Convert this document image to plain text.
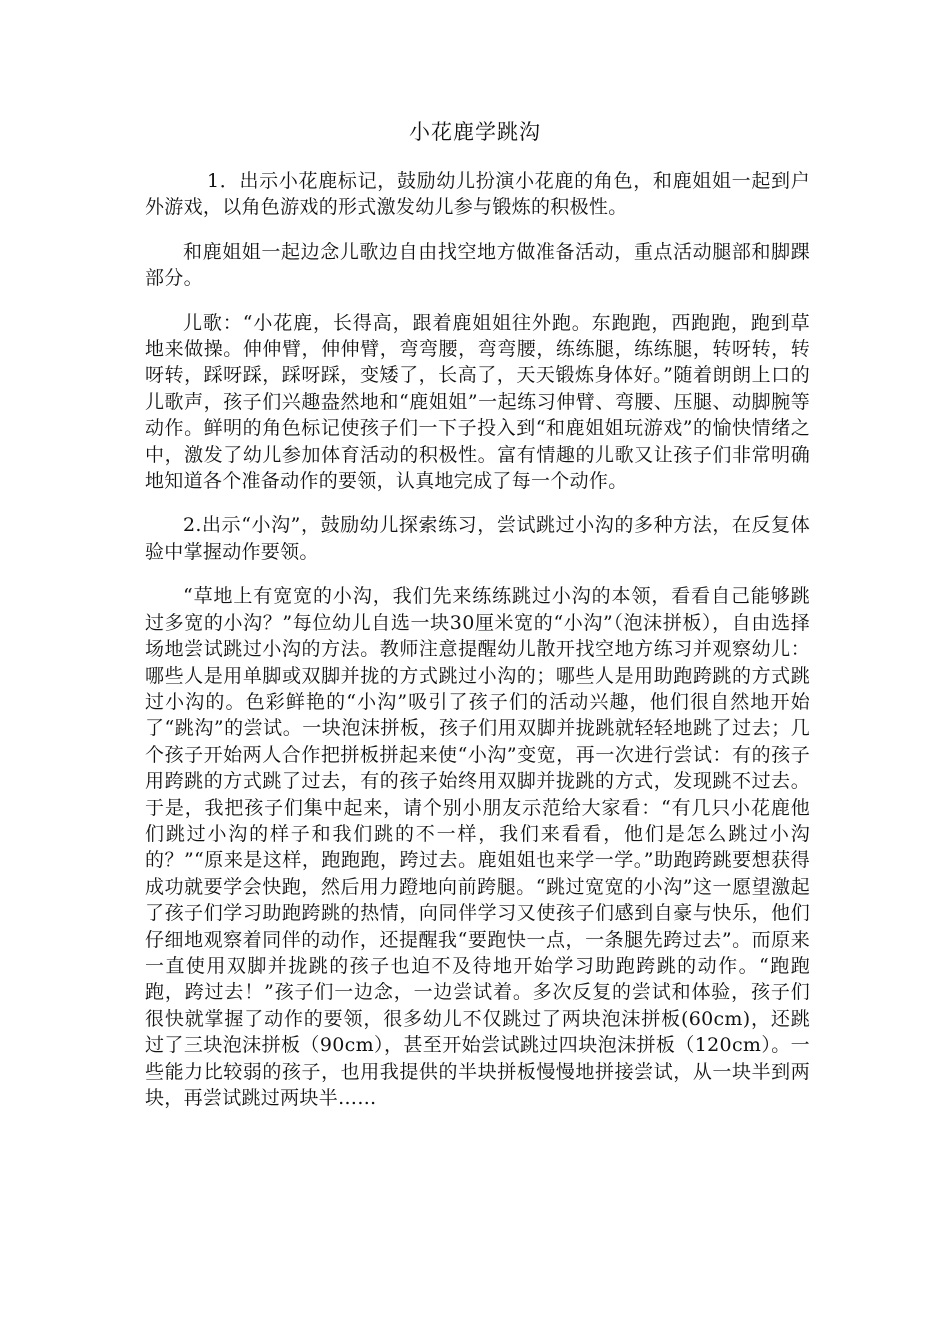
小花鹿学跳沟

1．出示小花鹿标记，鼓励幼儿扮演小花鹿的角色，和鹿姐姐一起到户外游戏，以角色游戏的形式激发幼儿参与锻炼的积极性。

和鹿姐姐一起边念儿歌边自由找空地方做准备活动，重点活动腿部和脚踝部分。

儿歌：“小花鹿，长得高，跟着鹿姐姐往外跑。东跑跑，西跑跑，跑到草地来做操。伸伸臂，伸伸臂，弯弯腰，弯弯腰，练练腿，练练腿，转呀转，转呀转，踩呀踩，踩呀踩，变矮了，长高了，天天锻炼身体好。”随着朗朗上口的儿歌声，孩子们兴趣盎然地和“鹿姐姐”一起练习伸臂、弯腰、压腿、动脚腕等动作。鲜明的角色标记使孩子们一下子投入到“和鹿姐姐玩游戏”的愉快情绪之中，激发了幼儿参加体育活动的积极性。富有情趣的儿歌又让孩子们非常明确地知道各个准备动作的要领，认真地完成了每一个动作。

2.出示“小沟”，鼓励幼儿探索练习，尝试跳过小沟的多种方法，在反复体验中掌握动作要领。

“草地上有宽宽的小沟，我们先来练练跳过小沟的本领，看看自己能够跳过多宽的小沟？”每位幼儿自选一块30厘米宽的“小沟”（泡沫拼板），自由选择场地尝试跳过小沟的方法。教师注意提醒幼儿散开找空地方练习并观察幼儿：哪些人是用单脚或双脚并拢的方式跳过小沟的；哪些人是用助跑跨跳的方式跳过小沟的。色彩鲜艳的“小沟”吸引了孩子们的活动兴趣，他们很自然地开始了“跳沟”的尝试。一块泡沫拼板，孩子们用双脚并拢跳就轻轻地跳了过去；几个孩子开始两人合作把拼板拼起来使“小沟”变宽，再一次进行尝试：有的孩子用跨跳的方式跳了过去，有的孩子始终用双脚并拢跳的方式，发现跳不过去。于是，我把孩子们集中起来，请个别小朋友示范给大家看：“有几只小花鹿他们跳过小沟的样子和我们跳的不一样，我们来看看，他们是怎么跳过小沟的？”“原来是这样，跑跑跑，跨过去。鹿姐姐也来学一学。”助跑跨跳要想获得成功就要学会快跑，然后用力蹬地向前跨腿。“跳过宽宽的小沟”这一愿望激起了孩子们学习助跑跨跳的热情，向同伴学习又使孩子们感到自豪与快乐，他们仔细地观察着同伴的动作，还提醒我“要跑快一点，一条腿先跨过去”。而原来一直使用双脚并拢跳的孩子也迫不及待地开始学习助跑跨跳的动作。“跑跑跑，跨过去！”孩子们一边念，一边尝试着。多次反复的尝试和体验，孩子们很快就掌握了动作的要领，很多幼儿不仅跳过了两块泡沫拼板(60cm)，还跳过了三块泡沫拼板（90cm），甚至开始尝试跳过四块泡沫拼板（120cm）。一些能力比较弱的孩子，也用我提供的半块拼板慢慢地拼接尝试，从一块半到两块，再尝试跳过两块半……
